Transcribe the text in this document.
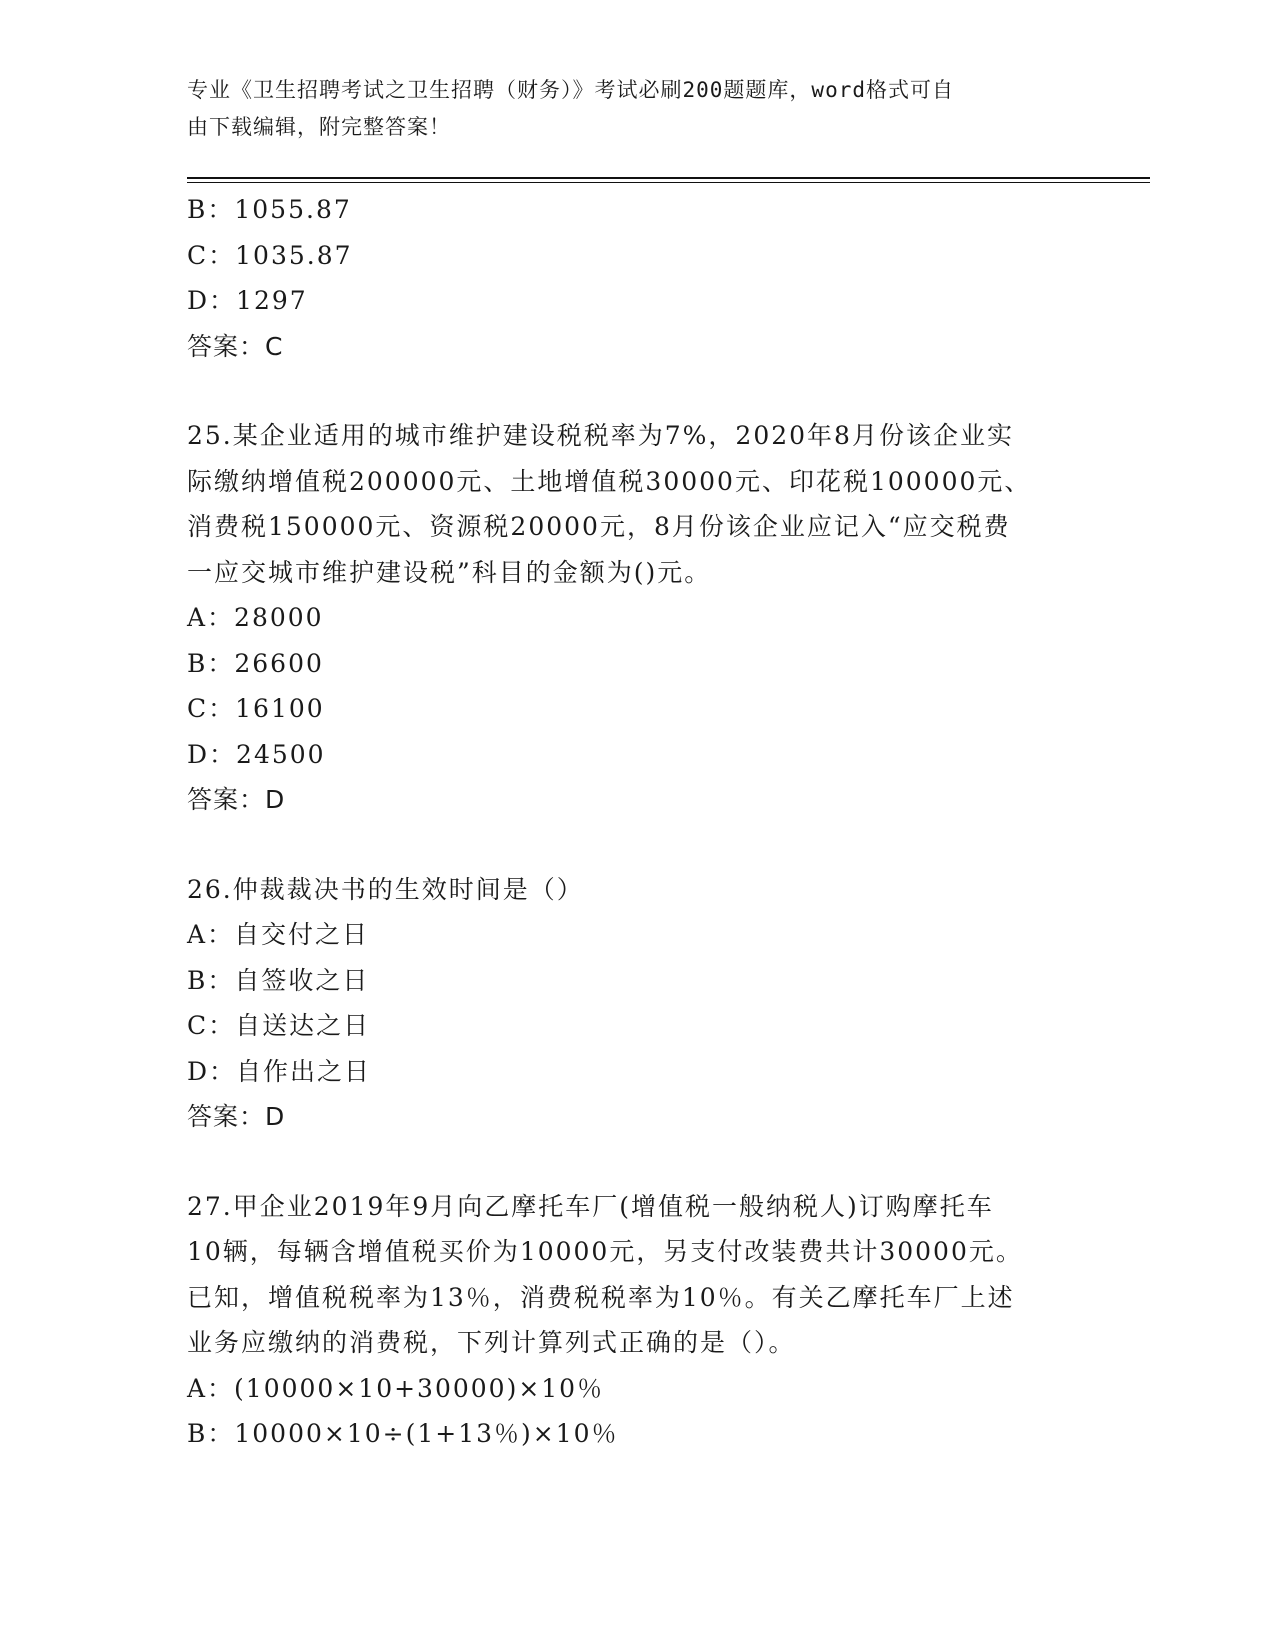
专业《卫生招聘考试之卫生招聘（财务）》考试必刷200题题库，word格式可自
由下载编辑，附完整答案！
B：1055.87
C：1035.87
D：1297
答案：C
25.某企业适用的城市维护建设税税率为7%，2020年8月份该企业实
际缴纳增值税200000元、土地增值税30000元、印花税100000元、
消费税150000元、资源税20000元，8月份该企业应记入“应交税费
一应交城市维护建设税”科目的金额为()元。
A：28000
B：26600
C：16100
D：24500
答案：D
26.仲裁裁决书的生效时间是（）
A：自交付之日
B：自签收之日
C：自送达之日
D：自作出之日
答案：D
27.甲企业2019年9月向乙摩托车厂(增值税一般纳税人)订购摩托车
10辆，每辆含增值税买价为10000元，另支付改装费共计30000元。
已知，增值税税率为13％，消费税税率为10％。有关乙摩托车厂上述
业务应缴纳的消费税，下列计算列式正确的是（）。
A：(10000×10+30000)×10％
B：10000×10÷(1+13％)×10％
